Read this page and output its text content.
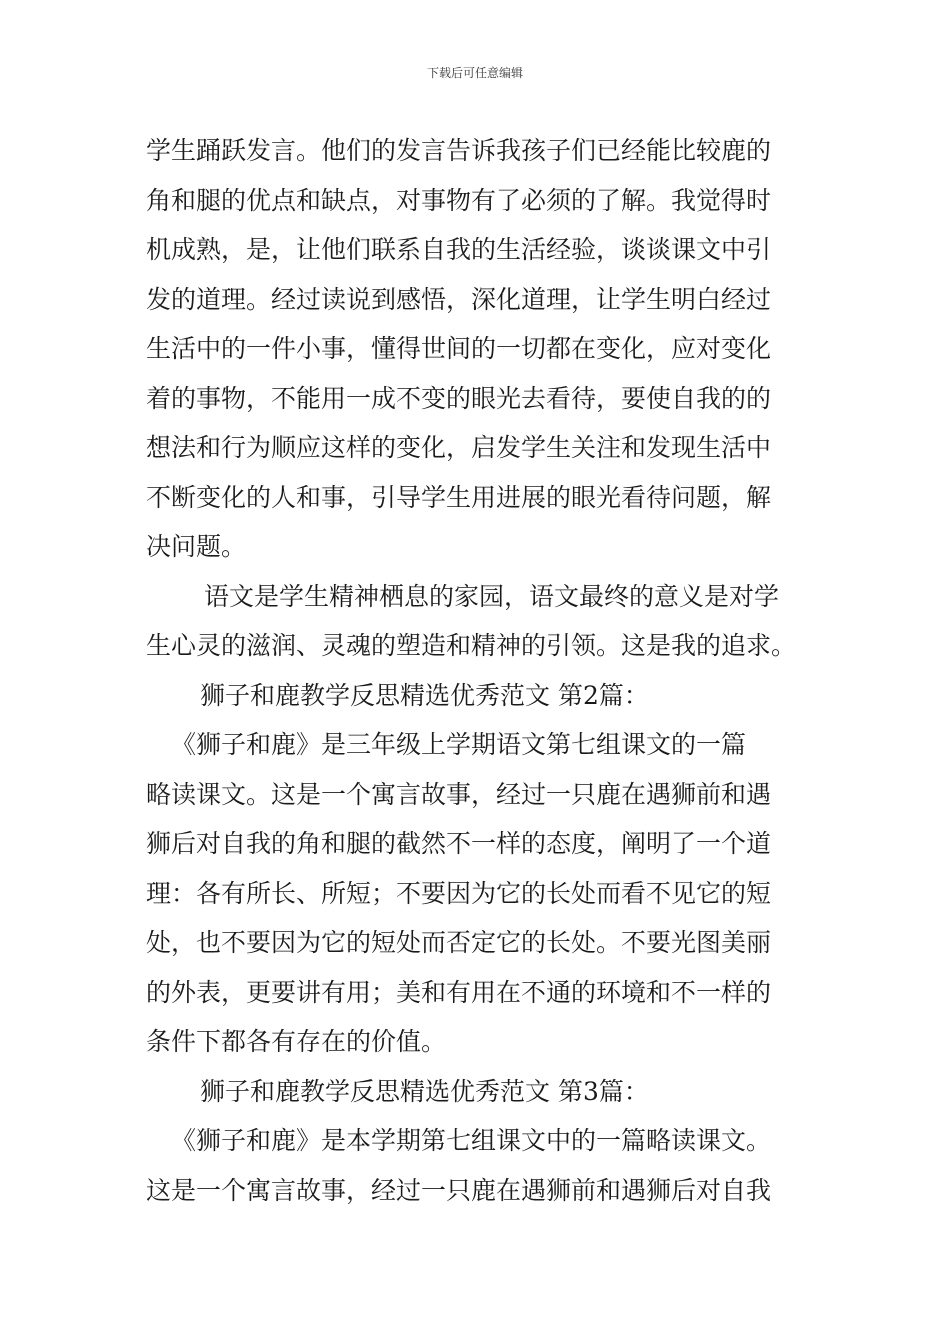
下载后可任意编辑
学生踊跃发言。他们的发言告诉我孩子们已经能比较鹿的
角和腿的优点和缺点，对事物有了必须的了解。我觉得时
机成熟，是，让他们联系自我的生活经验，谈谈课文中引
发的道理。经过读说到感悟，深化道理，让学生明白经过
生活中的一件小事，懂得世间的一切都在变化，应对变化
着的事物，不能用一成不变的眼光去看待，要使自我的的
想法和行为顺应这样的变化，启发学生关注和发现生活中
不断变化的人和事，引导学生用进展的眼光看待问题，解
决问题。
语文是学生精神栖息的家园，语文最终的意义是对学
生心灵的滋润、灵魂的塑造和精神的引领。这是我的追求。
狮子和鹿教学反思精选优秀范文 第2篇：
《狮子和鹿》是三年级上学期语文第七组课文的一篇
略读课文。这是一个寓言故事，经过一只鹿在遇狮前和遇
狮后对自我的角和腿的截然不一样的态度，阐明了一个道
理：各有所长、所短；不要因为它的长处而看不见它的短
处，也不要因为它的短处而否定它的长处。不要光图美丽
的外表，更要讲有用；美和有用在不通的环境和不一样的
条件下都各有存在的价值。
狮子和鹿教学反思精选优秀范文 第3篇：
《狮子和鹿》是本学期第七组课文中的一篇略读课文。
这是一个寓言故事，经过一只鹿在遇狮前和遇狮后对自我
